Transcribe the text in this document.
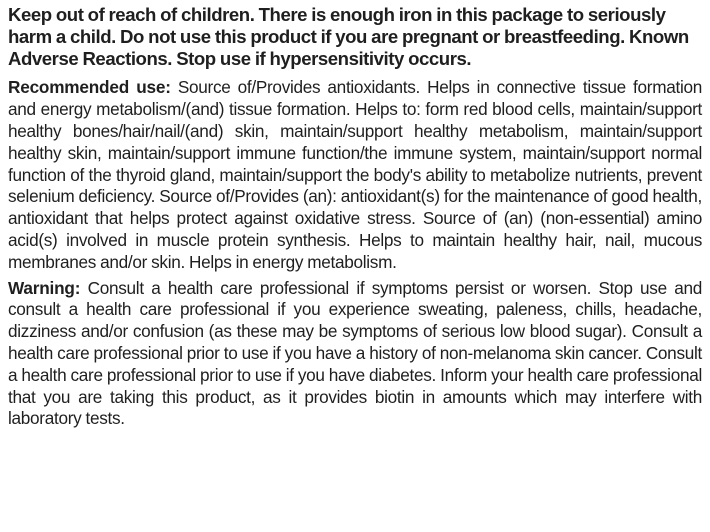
Keep out of reach of children. There is enough iron in this package to seriously harm a child. Do not use this product if you are pregnant or breastfeeding. Known Adverse Reactions. Stop use if hypersensitivity occurs.

Recommended use: Source of/Provides antioxidants. Helps in connective tissue formation and energy metabolism/(and) tissue formation. Helps to: form red blood cells, maintain/support healthy bones/hair/nail/(and) skin, maintain/support healthy metabolism, maintain/support healthy skin, maintain/support immune function/the immune system, maintain/support normal function of the thyroid gland, maintain/support the body's ability to metabolize nutrients, prevent selenium deficiency. Source of/Provides (an): antioxidant(s) for the maintenance of good health, antioxidant that helps protect against oxidative stress. Source of (an) (non-essential) amino acid(s) involved in muscle protein synthesis. Helps to maintain healthy hair, nail, mucous membranes and/or skin. Helps in energy metabolism.

Warning: Consult a health care professional if symptoms persist or worsen. Stop use and consult a health care professional if you experience sweating, paleness, chills, headache, dizziness and/or confusion (as these may be symptoms of serious low blood sugar). Consult a health care professional prior to use if you have a history of non-melanoma skin cancer. Consult a health care professional prior to use if you have diabetes. Inform your health care professional that you are taking this product, as it provides biotin in amounts which may interfere with laboratory tests.
